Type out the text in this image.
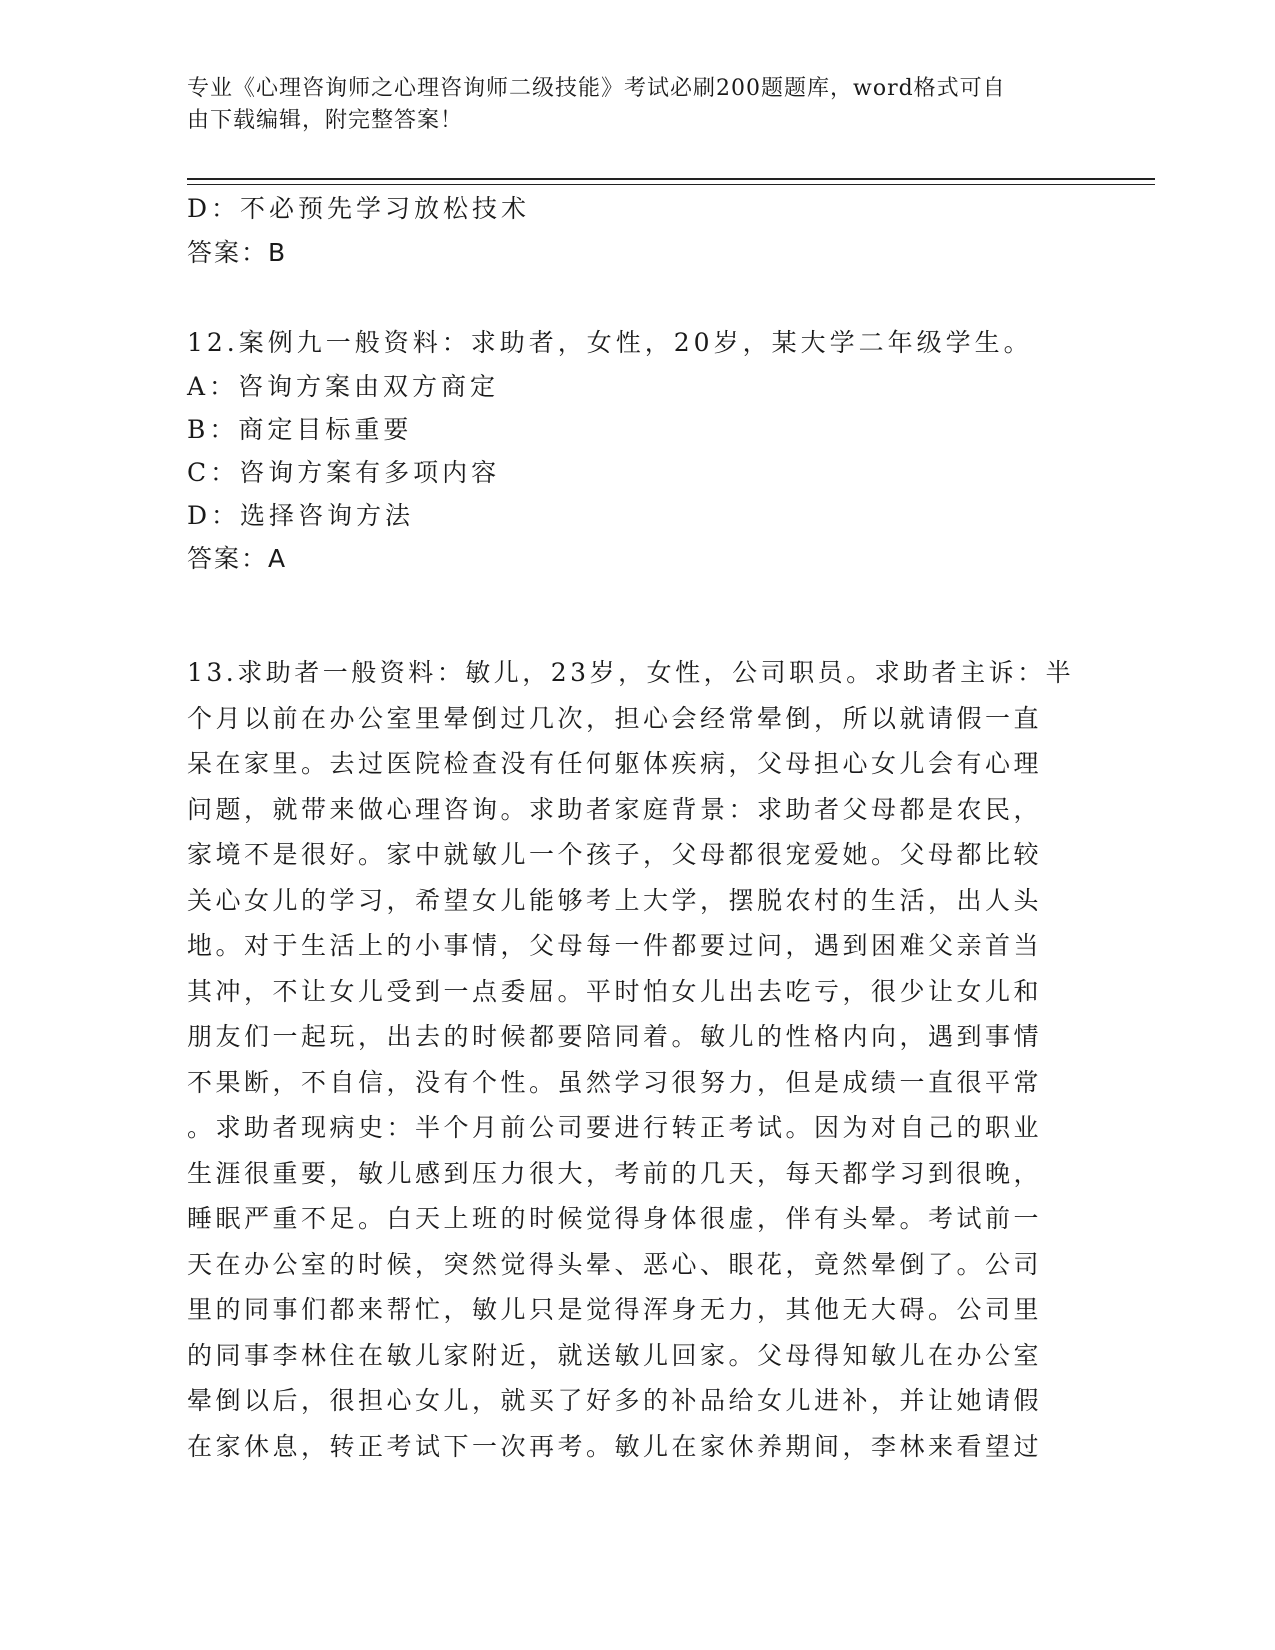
专业《心理咨询师之心理咨询师二级技能》考试必刷200题题库，word格式可自
由下载编辑，附完整答案！
D：不必预先学习放松技术
答案：B
12.案例九一般资料：求助者，女性，20岁，某大学二年级学生。
A：咨询方案由双方商定
B：商定目标重要
C：咨询方案有多项内容
D：选择咨询方法
答案：A
13.求助者一般资料：敏儿，23岁，女性，公司职员。求助者主诉：半
个月以前在办公室里晕倒过几次，担心会经常晕倒，所以就请假一直
呆在家里。去过医院检查没有任何躯体疾病，父母担心女儿会有心理
问题，就带来做心理咨询。求助者家庭背景：求助者父母都是农民，
家境不是很好。家中就敏儿一个孩子，父母都很宠爱她。父母都比较
关心女儿的学习，希望女儿能够考上大学，摆脱农村的生活，出人头
地。对于生活上的小事情，父母每一件都要过问，遇到困难父亲首当
其冲，不让女儿受到一点委屈。平时怕女儿出去吃亏，很少让女儿和
朋友们一起玩，出去的时候都要陪同着。敏儿的性格内向，遇到事情
不果断，不自信，没有个性。虽然学习很努力，但是成绩一直很平常
。求助者现病史：半个月前公司要进行转正考试。因为对自己的职业
生涯很重要，敏儿感到压力很大，考前的几天，每天都学习到很晚，
睡眠严重不足。白天上班的时候觉得身体很虚，伴有头晕。考试前一
天在办公室的时候，突然觉得头晕、恶心、眼花，竟然晕倒了。公司
里的同事们都来帮忙，敏儿只是觉得浑身无力，其他无大碍。公司里
的同事李林住在敏儿家附近，就送敏儿回家。父母得知敏儿在办公室
晕倒以后，很担心女儿，就买了好多的补品给女儿进补，并让她请假
在家休息，转正考试下一次再考。敏儿在家休养期间，李林来看望过
